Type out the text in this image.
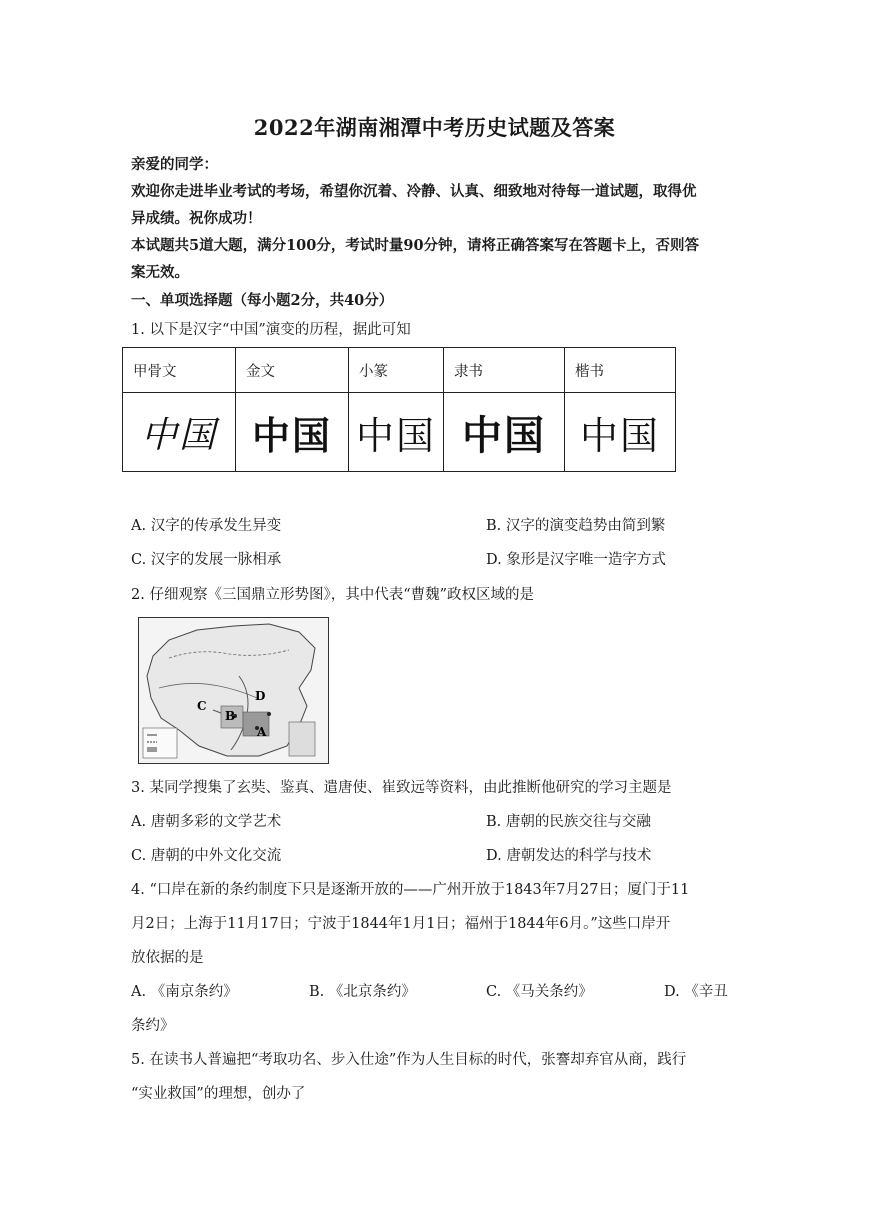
2022年湖南湘潭中考历史试题及答案
亲爱的同学：
欢迎你走进毕业考试的考场，希望你沉着、冷静、认真、细致地对待每一道试题，取得优
异成绩。祝你成功！
本试题共5道大题，满分100分，考试时量90分钟，请将正确答案写在答题卡上，否则答
案无效。
一、单项选择题（每小题2分，共40分）
1. 以下是汉字“中国”演变的历程，据此可知
甲骨文	金文	小篆	隶书	楷书
中国	中国	中国	中国	中国
A. 汉字的传承发生异变	B. 汉字的演变趋势由简到繁
C. 汉字的发展一脉相承	D. 象形是汉字唯一造字方式
2. 仔细观察《三国鼎立形势图》，其中代表“曹魏”政权区域的是
B
C
D
A
3. 某同学搜集了玄奘、鉴真、遣唐使、崔致远等资料，由此推断他研究的学习主题是
A. 唐朝多彩的文学艺术	B. 唐朝的民族交往与交融
C. 唐朝的中外文化交流	D. 唐朝发达的科学与技术
4. “口岸在新的条约制度下只是逐渐开放的——广州开放于1843年7月27日；厦门于11
月2日；上海于11月17日；宁波于1844年1月1日；福州于1844年6月。”这些口岸开
放依据的是
A. 《南京条约》	B. 《北京条约》	C. 《马关条约》	D. 《辛丑
条约》
5. 在读书人普遍把“考取功名、步入仕途”作为人生目标的时代，张謇却弃官从商，践行
“实业救国”的理想，创办了
